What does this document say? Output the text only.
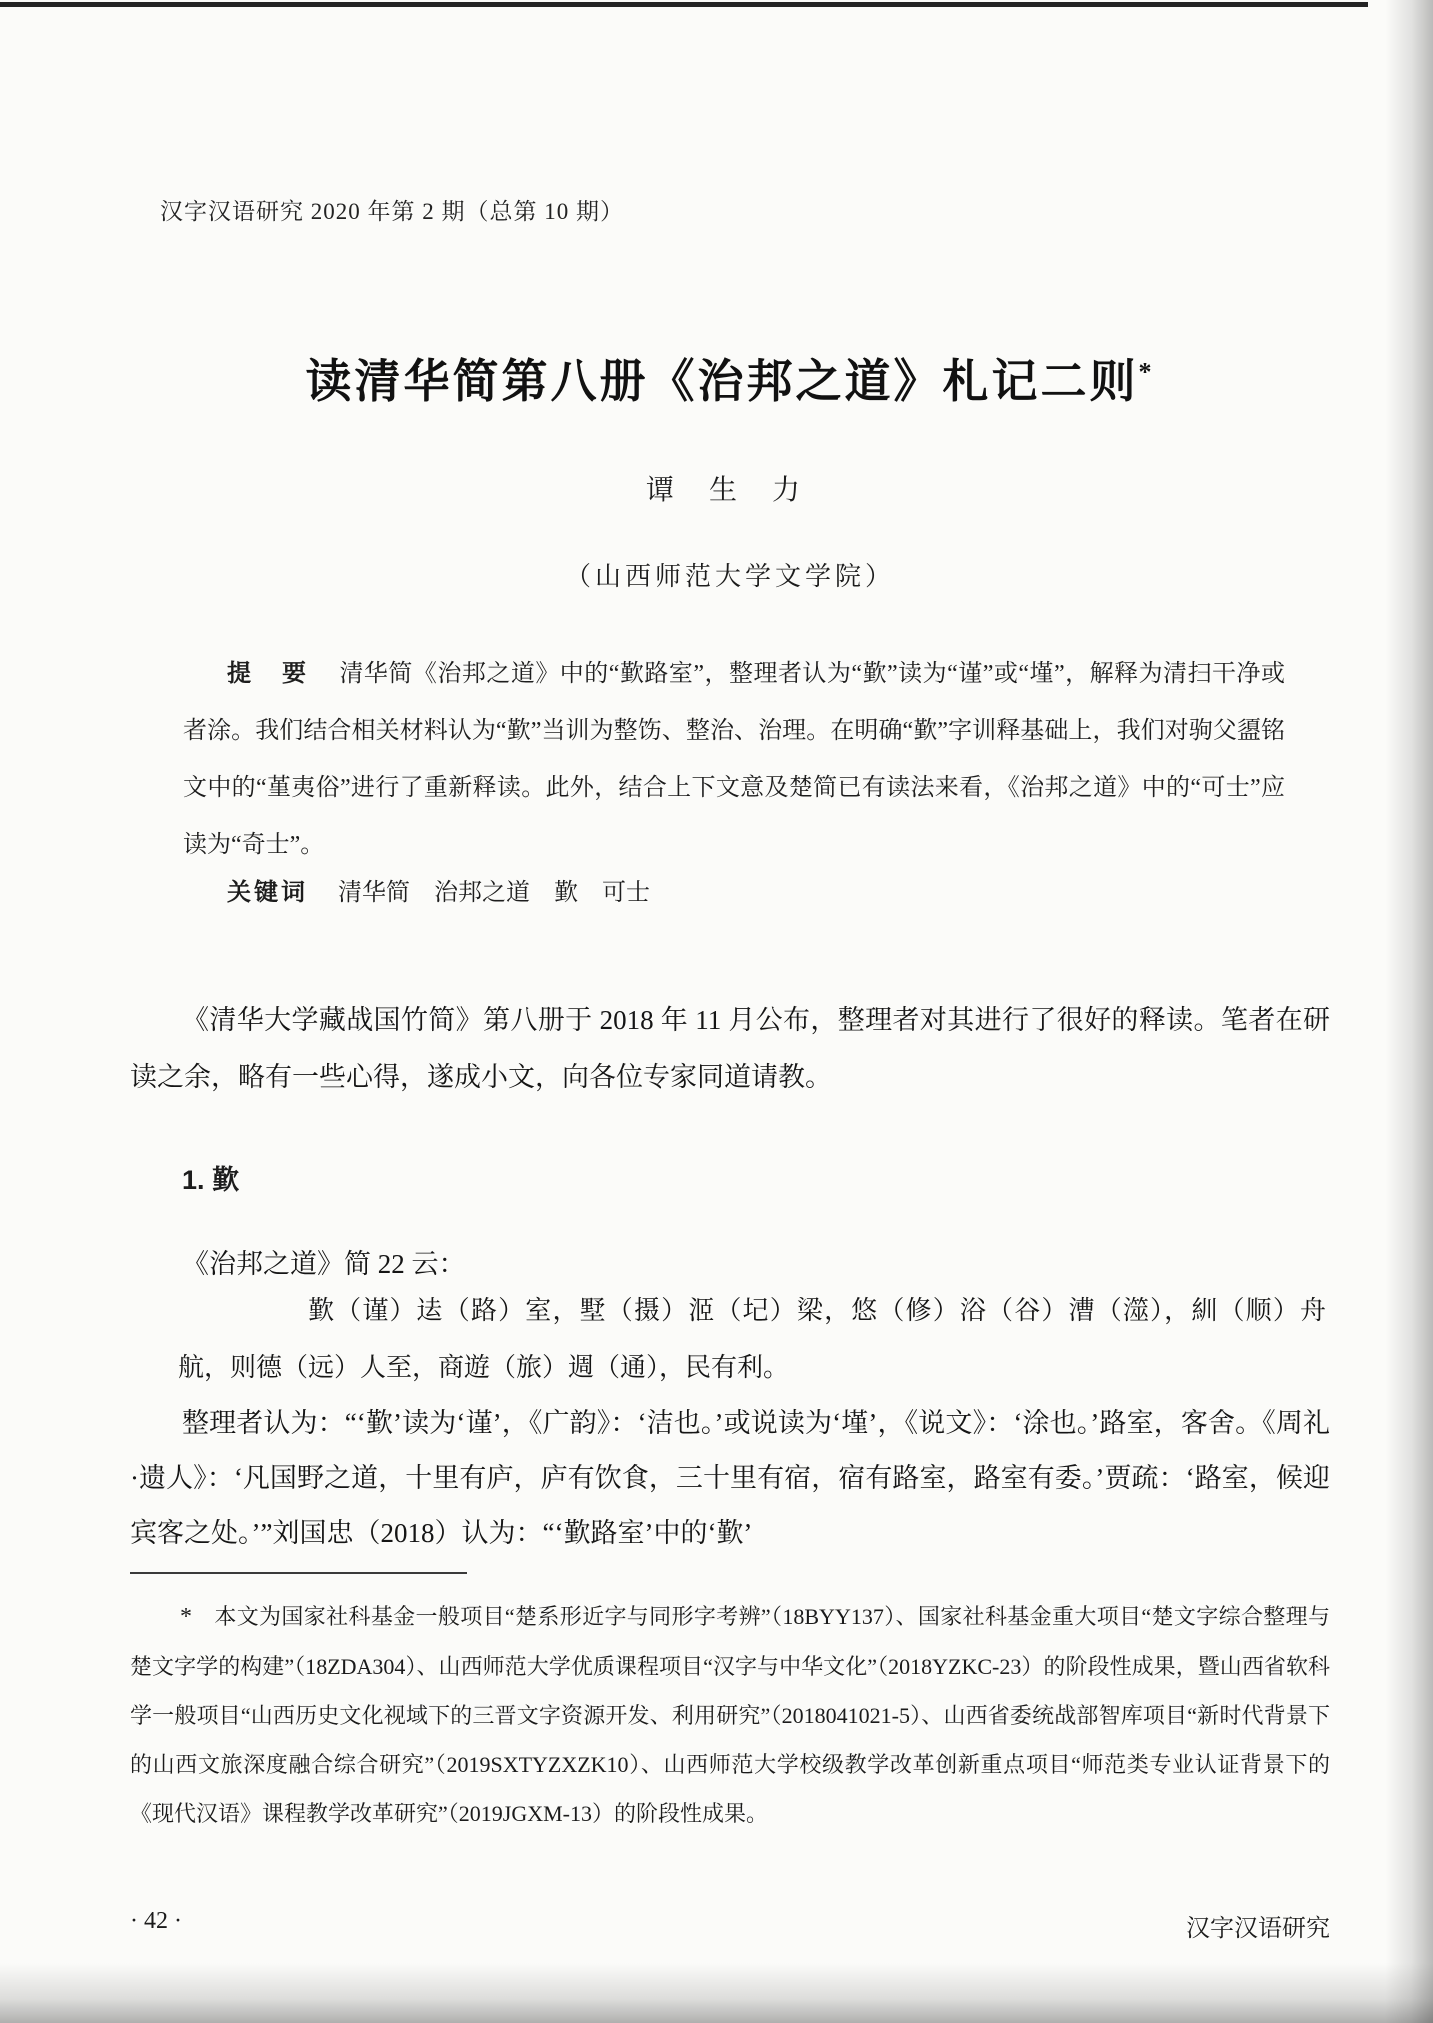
汉字汉语研究 2020 年第 2 期（总第 10 期）
读清华简第八册《治邦之道》札记二则*
谭 生 力
（山西师范大学文学院）

提　要 清华简《治邦之道》中的“歏路室”，整理者认为“歏”读为“谨”或“墐”，解释为清扫干净或者涂。我们结合相关材料认为“歏”当训为整饬、整治、治理。在明确“歏”字训释基础上，我们对驹父盨铭文中的“堇夷俗”进行了重新释读。此外，结合上下文意及楚简已有读法来看，《治邦之道》中的“可士”应读为“奇士”。

关键词 清华简　治邦之道　歏　可士

《清华大学藏战国竹简》第八册于 2018 年 11 月公布，整理者对其进行了很好的释读。笔者在研读之余，略有一些心得，遂成小文，向各位专家同道请教。

1. 歏

《治邦之道》简 22 云：

歏（谨）迲（路）室，墅（摄）洍（圮）梁，悠（修）浴（谷）漕（澨），紃（顺）舟航，则德（远）人至，商遊（旅）週（通），民有利。

整理者认为：“‘歏’读为‘谨’，《广韵》：‘洁也。’或说读为‘墐’，《说文》：‘涂也。’路室，客舍。《周礼·遗人》：‘凡国野之道，十里有庐，庐有饮食，三十里有宿，宿有路室，路室有委。’贾疏：‘路室，候迎宾客之处。’”刘国忠（2018）认为：“‘歏路室’中的‘歏’

* 本文为国家社科基金一般项目“楚系形近字与同形字考辨”（18BYY137）、国家社科基金重大项目“楚文字综合整理与楚文字学的构建”（18ZDA304）、山西师范大学优质课程项目“汉字与中华文化”（2018YZKC-23）的阶段性成果，暨山西省软科学一般项目“山西历史文化视域下的三晋文字资源开发、利用研究”（2018041021-5）、山西省委统战部智库项目“新时代背景下的山西文旅深度融合综合研究”（2019SXTYZXZK10）、山西师范大学校级教学改革创新重点项目“师范类专业认证背景下的《现代汉语》课程教学改革研究”（2019JGXM-13）的阶段性成果。

· 42 ·	汉字汉语研究
